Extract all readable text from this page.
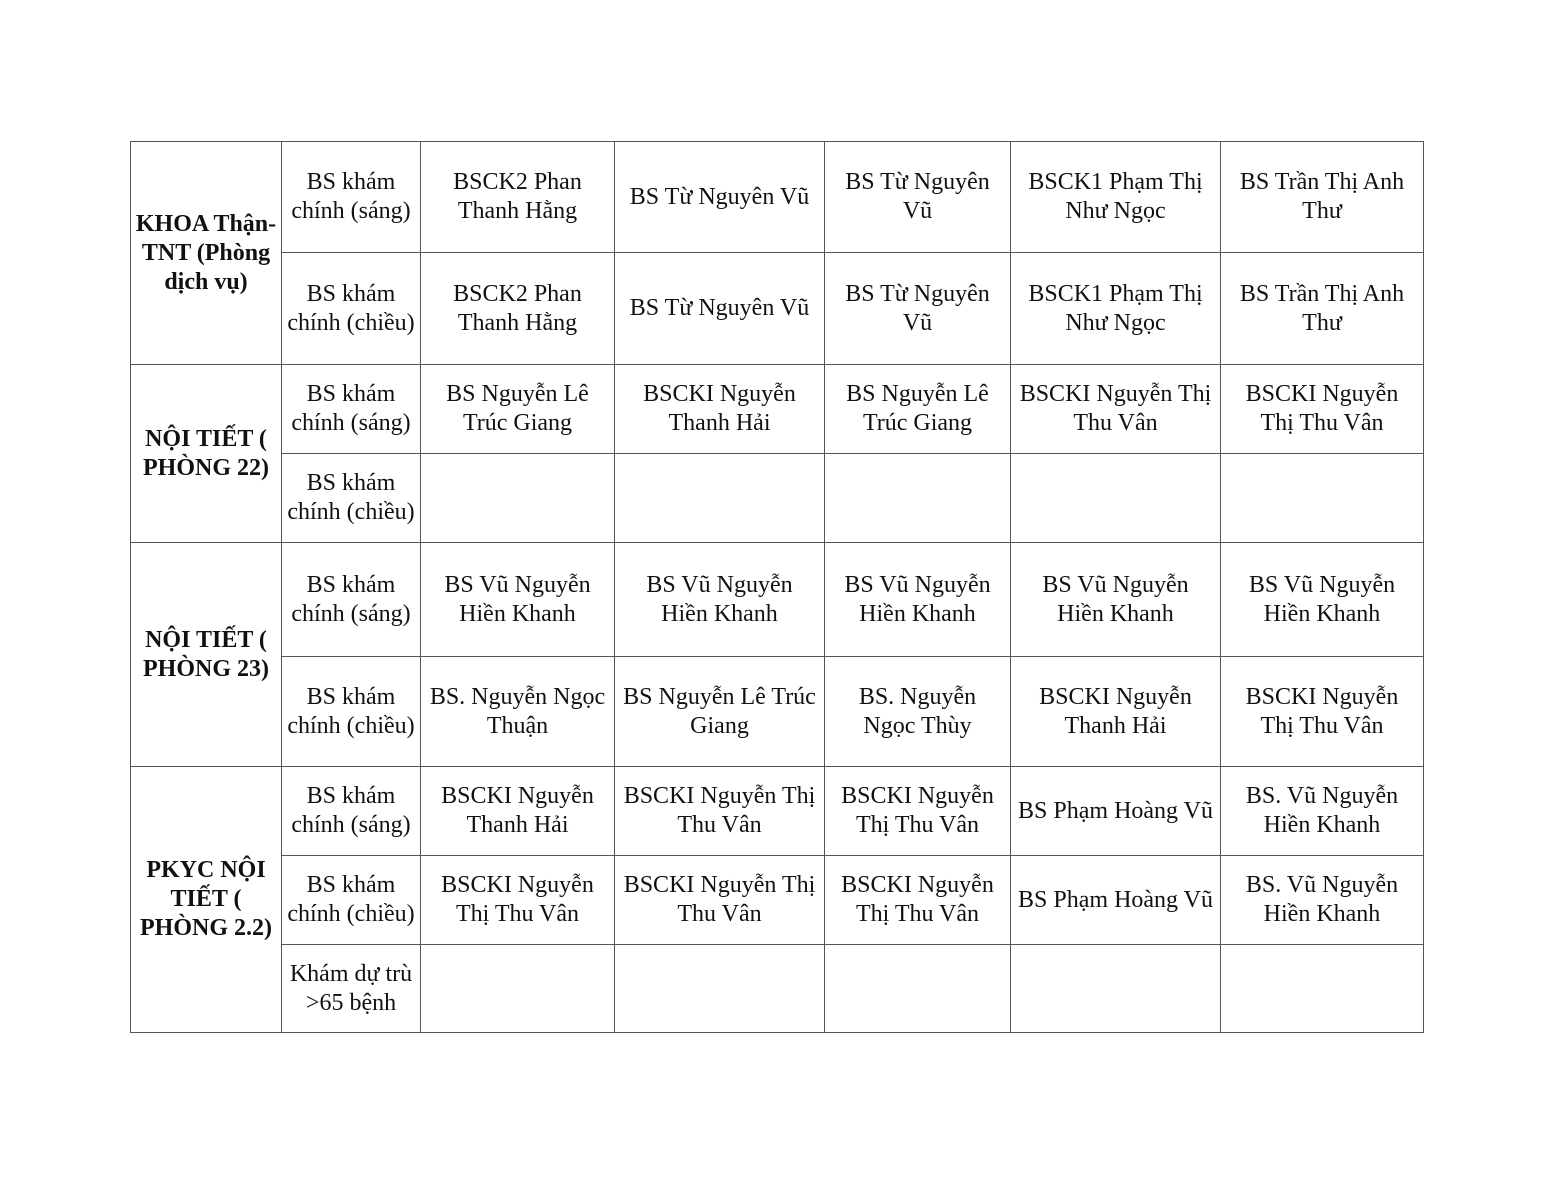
KHOA Thận-TNT (Phòng dịch vụ)	BS khám chính (sáng)	BSCK2 Phan Thanh Hằng	BS Từ Nguyên Vũ	BS Từ Nguyên Vũ	BSCK1 Phạm Thị Như Ngọc	BS Trần Thị Anh Thư
	BS khám chính (chiều)	BSCK2 Phan Thanh Hằng	BS Từ Nguyên Vũ	BS Từ Nguyên Vũ	BSCK1 Phạm Thị Như Ngọc	BS Trần Thị Anh Thư
NỘI TIẾT ( PHÒNG 22)	BS khám chính (sáng)	BS Nguyễn Lê Trúc Giang	BSCKI Nguyễn Thanh Hải	BS Nguyễn Lê Trúc Giang	BSCKI Nguyễn Thị Thu Vân	BSCKI Nguyễn Thị Thu Vân
	BS khám chính (chiều)					
NỘI TIẾT ( PHÒNG 23)	BS khám chính (sáng)	BS Vũ Nguyễn Hiền Khanh	BS Vũ Nguyễn Hiền Khanh	BS Vũ Nguyễn Hiền Khanh	BS Vũ Nguyễn Hiền Khanh	BS Vũ Nguyễn Hiền Khanh
	BS khám chính (chiều)	BS. Nguyễn Ngọc Thuận	BS Nguyễn Lê Trúc Giang	BS. Nguyễn Ngọc Thùy	BSCKI Nguyễn Thanh Hải	BSCKI Nguyễn Thị Thu Vân
PKYC NỘI TIẾT ( PHÒNG 2.2)	BS khám chính (sáng)	BSCKI Nguyễn Thanh Hải	BSCKI Nguyễn Thị Thu Vân	BSCKI Nguyễn Thị Thu Vân	BS Phạm Hoàng Vũ	BS. Vũ Nguyễn Hiền Khanh
	BS khám chính (chiều)	BSCKI Nguyễn Thị Thu Vân	BSCKI Nguyễn Thị Thu Vân	BSCKI Nguyễn Thị Thu Vân	BS Phạm Hoàng Vũ	BS. Vũ Nguyễn Hiền Khanh
	Khám dự trù >65 bệnh					
